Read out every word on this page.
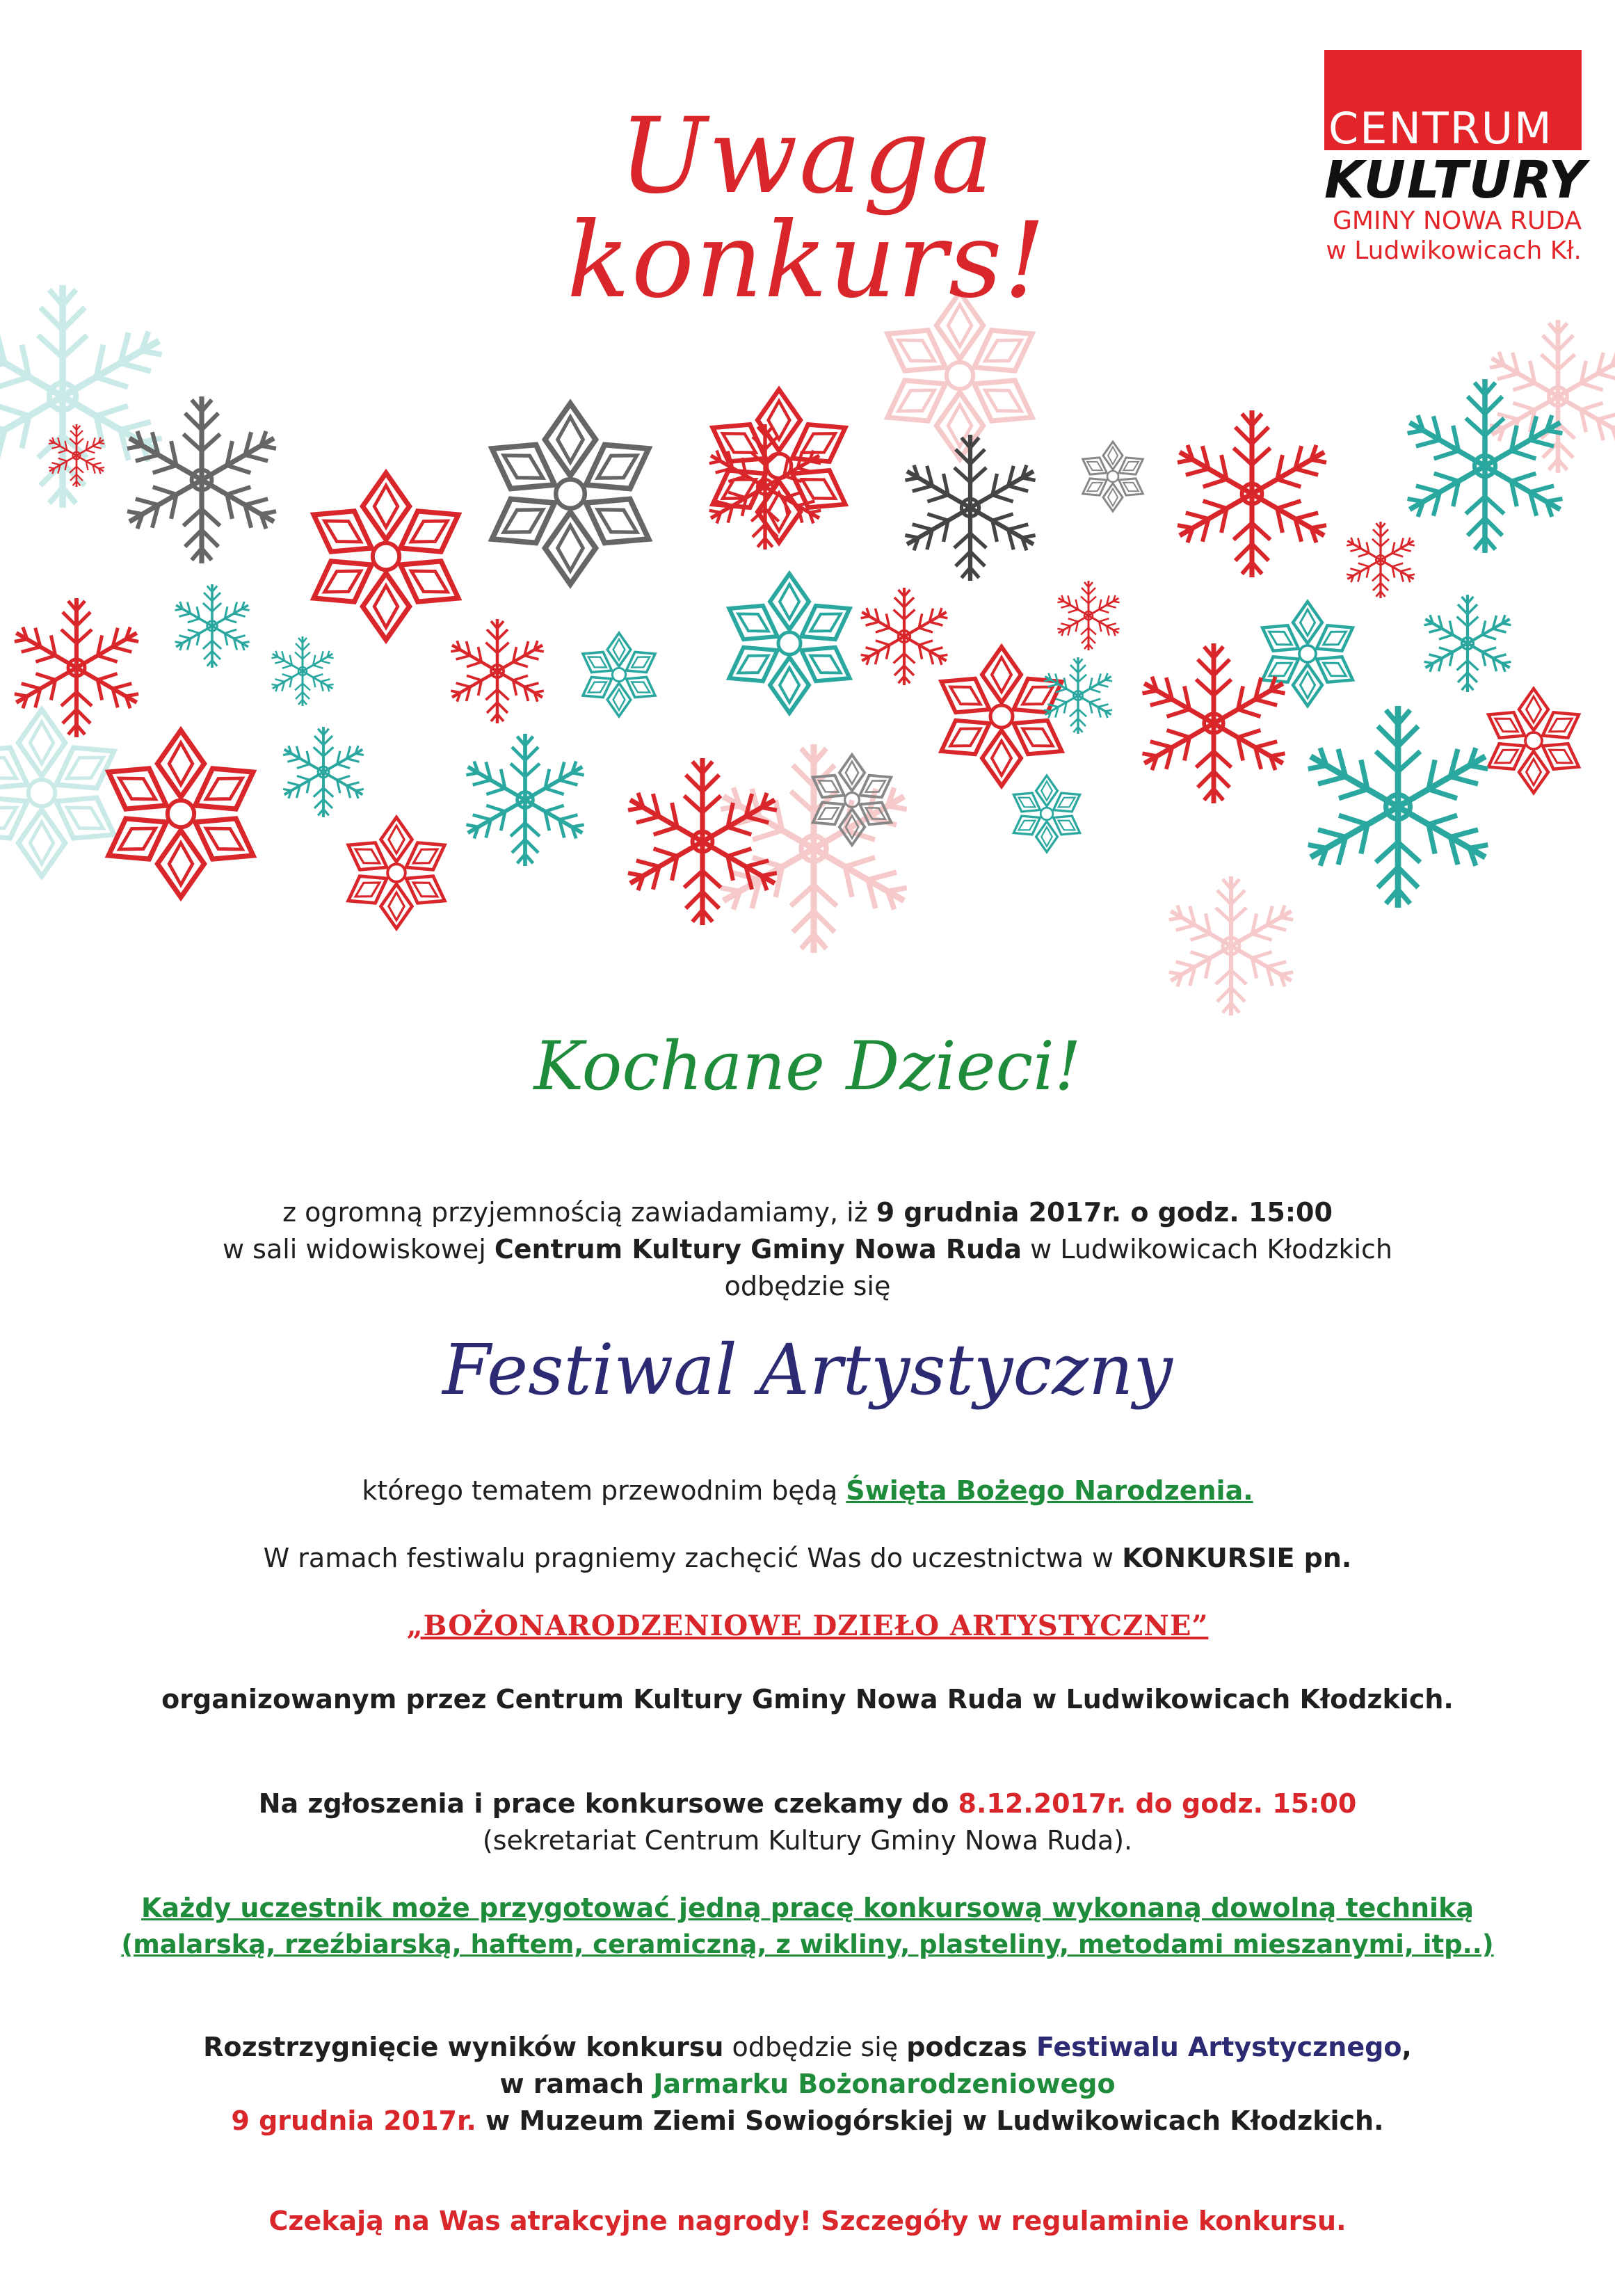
Uwaga konkurs!
CENTRUM
KULTURY
GMINY NOWA RUDA
w Ludwikowicach Kł.
Kochane Dzieci!
z ogromną przyjemnością zawiadamiamy, iż 9 grudnia 2017r. o godz. 15:00
w sali widowiskowej Centrum Kultury Gminy Nowa Ruda w Ludwikowicach Kłodzkich
odbędzie się
Festiwal Artystyczny
którego tematem przewodnim będą Święta Bożego Narodzenia.
W ramach festiwalu pragniemy zachęcić Was do uczestnictwa w KONKURSIE pn.
„BOŻONARODZENIOWE DZIEŁO ARTYSTYCZNE”
organizowanym przez Centrum Kultury Gminy Nowa Ruda w Ludwikowicach Kłodzkich.
Na zgłoszenia i prace konkursowe czekamy do 8.12.2017r. do godz. 15:00
(sekretariat Centrum Kultury Gminy Nowa Ruda).
Każdy uczestnik może przygotować jedną pracę konkursową wykonaną dowolną techniką
(malarską, rzeźbiarską, haftem, ceramiczną, z wikliny, plasteliny, metodami mieszanymi, itp..)
Rozstrzygnięcie wyników konkursu odbędzie się podczas Festiwalu Artystycznego,
w ramach Jarmarku Bożonarodzeniowego
9 grudnia 2017r. w Muzeum Ziemi Sowiogórskiej w Ludwikowicach Kłodzkich.
Czekają na Was atrakcyjne nagrody! Szczegóły w regulaminie konkursu.
